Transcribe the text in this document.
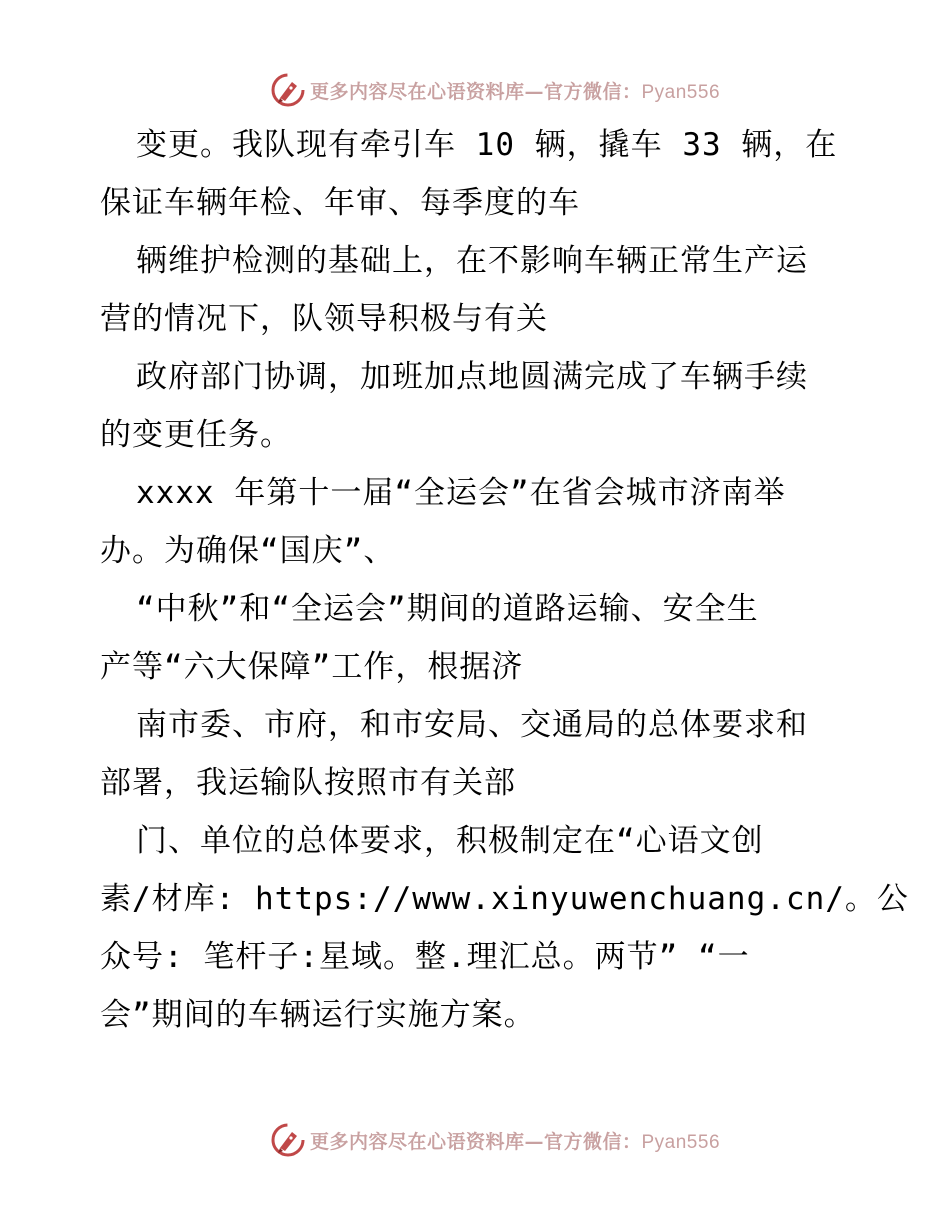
更多内容尽在心语资料库—官方微信：Pyan556
变更。我队现有牵引车 10 辆，撬车 33 辆，在
保证车辆年检、年审、每季度的车
辆维护检测的基础上，在不影响车辆正常生产运
营的情况下，队领导积极与有关
政府部门协调，加班加点地圆满完成了车辆手续
的变更任务。
xxxx 年第十一届“全运会”在省会城市济南举
办。为确保“国庆”、
“中秋”和“全运会”期间的道路运输、安全生
产等“六大保障”工作，根据济
南市委、市府，和市安局、交通局的总体要求和
部署，我运输队按照市有关部
门、单位的总体要求，积极制定在“心语文创
素/材库: https://www.xinyuwenchuang.cn/。公
众号: 笔杆子:星域。整.理汇总。两节” “一
会”期间的车辆运行实施方案。
更多内容尽在心语资料库—官方微信：Pyan556
